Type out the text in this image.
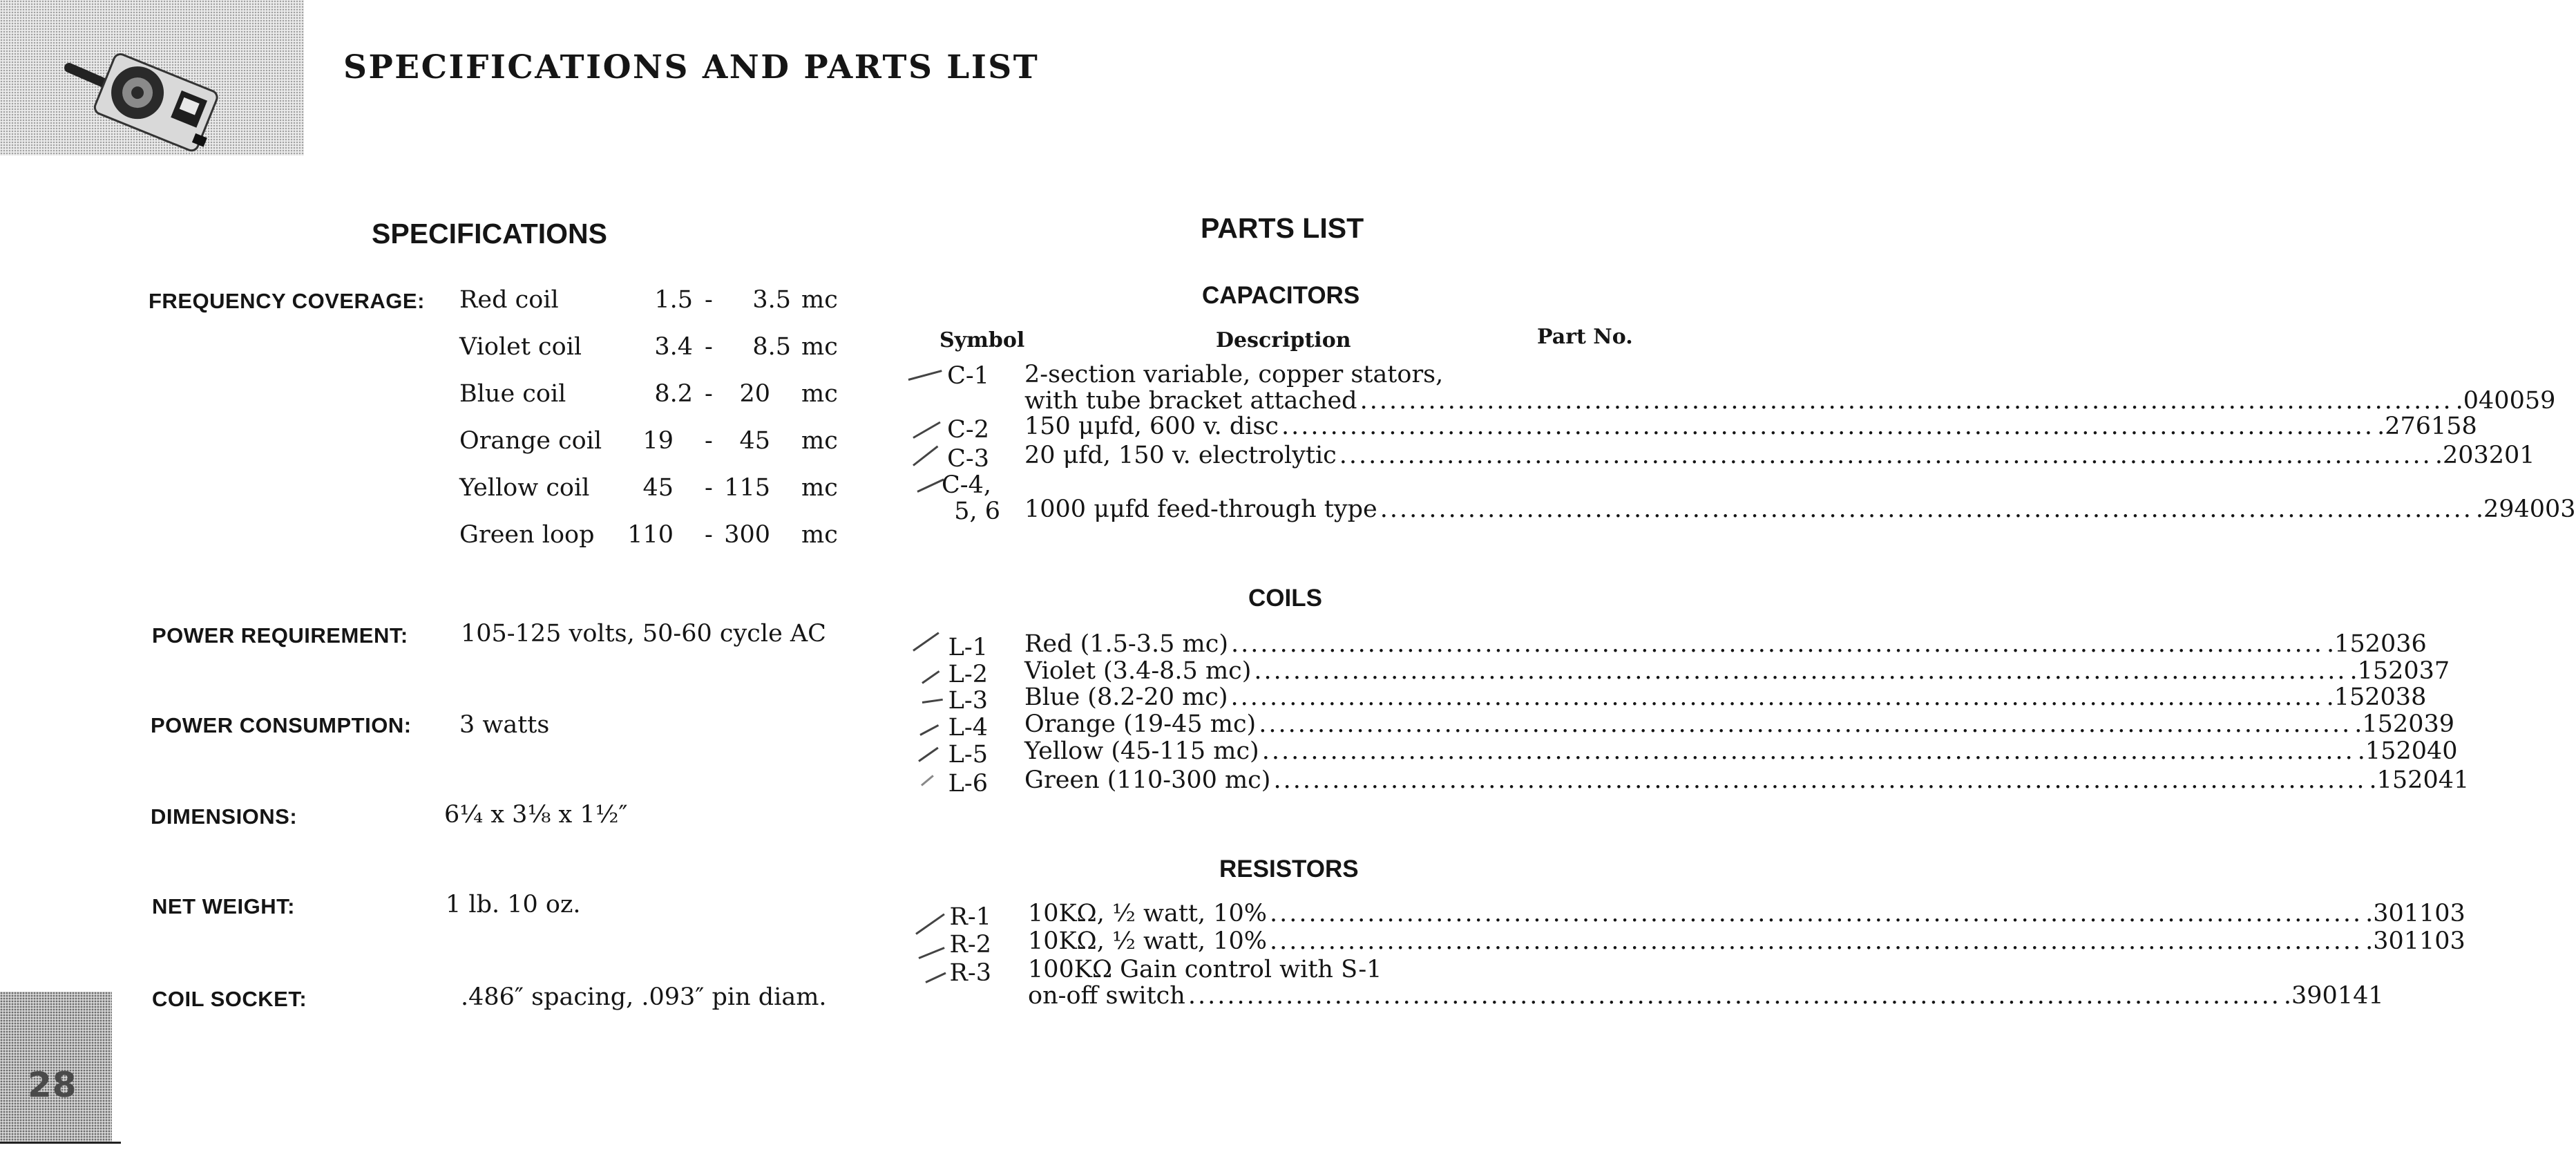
28
SPECIFICATIONS AND PARTS LIST
SPECIFICATIONS
FREQUENCY COVERAGE: Red coil	1.5 -	3.5 mc
Violet coil	3.4 -	8.5 mc
Blue coil	8.2 -	20 mc
Orange coil	19 -	45 mc
Yellow coil	45 - 115 mc
Green loop	110 - 300 mc
POWER REQUIREMENT: 105-125 volts, 50-60 cycle AC
POWER CONSUMPTION: 3 watts
DIMENSIONS:	6¼ x 3⅛ x 1½″
NET WEIGHT:	1 lb. 10 oz.
COIL SOCKET:	.486″ spacing, .093″ pin diam.
PARTS LIST
CAPACITORS
Symbol	Description	Part No.
C-1 2-section variable, copper stators,
with tube bracket attached ................................................................................................................ .040059
C-2 150 μμfd, 600 v. disc ................................................................................................................ .276158
C-3 20 μfd, 150 v. electrolytic ................................................................................................................ .203201
C-4,
5, 6 1000 μμfd feed-through type ................................................................................................................ .294003
COILS
L-1 Red (1.5-3.5 mc) ................................................................................................................ .152036
L-2 Violet (3.4-8.5 mc) ................................................................................................................ .152037
L-3 Blue (8.2-20 mc) ................................................................................................................ .152038
L-4 Orange (19-45 mc) ................................................................................................................ .152039
L-5 Yellow (45-115 mc) ................................................................................................................ .152040
L-6 Green (110-300 mc) ................................................................................................................ .152041
RESISTORS
R-1 10KΩ, ½ watt, 10% ................................................................................................................ .301103
R-2 10KΩ, ½ watt, 10% ................................................................................................................ .301103
R-3 100KΩ Gain control with S-1
on-off switch ................................................................................................................ .390141
